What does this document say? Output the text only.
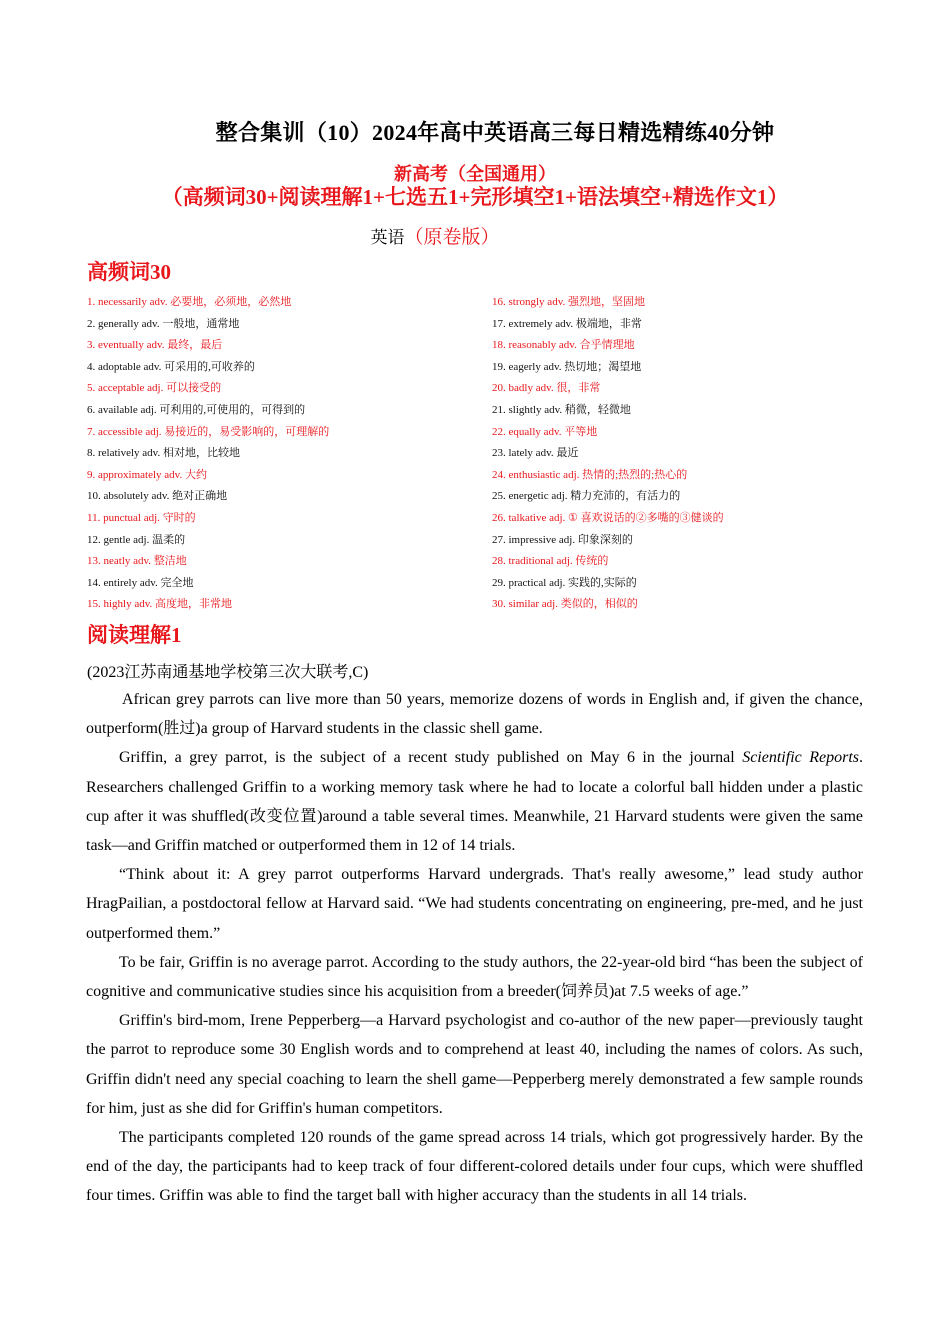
整合集训（10）2024年高中英语高三每日精选精练40分钟
新高考（全国通用）
（高频词30+阅读理解1+七选五1+完形填空1+语法填空+精选作文1）
英语（原卷版）
高频词30
1. necessarily adv. 必要地，必须地，必然地
2. generally adv. 一般地，通常地
3. eventually adv. 最终，最后
4. adoptable adv. 可采用的,可收养的
5. acceptable adj. 可以接受的
6. available adj. 可利用的,可使用的，可得到的
7. accessible adj. 易接近的，易受影响的，可理解的
8. relatively adv. 相对地，比较地
9. approximately adv. 大约
10. absolutely adv. 绝对正确地
11. punctual adj. 守时的
12. gentle adj. 温柔的
13. neatly adv. 整洁地
14. entirely adv. 完全地
15. highly adv. 高度地，非常地
16. strongly adv. 强烈地，坚固地
17. extremely adv. 极端地，非常
18. reasonably adv. 合乎情理地
19. eagerly adv. 热切地；渴望地
20. badly adv. 很，非常
21. slightly adv. 稍微，轻微地
22. equally adv. 平等地
23. lately adv. 最近
24. enthusiastic adj. 热情的;热烈的;热心的
25. energetic adj. 精力充沛的，有活力的
26. talkative adj. ① 喜欢说话的②多嘴的③健谈的
27. impressive adj. 印象深刻的
28. traditional adj. 传统的
29. practical adj. 实践的,实际的
30. similar adj. 类似的，相似的
阅读理解1
(2023江苏南通基地学校第三次大联考,C)

African grey parrots can live more than 50 years, memorize dozens of words in English and, if given the chance, outperform(胜过)a group of Harvard students in the classic shell game.

Griffin, a grey parrot, is the subject of a recent study published on May 6 in the journal Scientific Reports. Researchers challenged Griffin to a working memory task where he had to locate a colorful ball hidden under a plastic cup after it was shuffled(改变位置)around a table several times. Meanwhile, 21 Harvard students were given the same task—and Griffin matched or outperformed them in 12 of 14 trials.

“Think about it: A grey parrot outperforms Harvard undergrads. That's really awesome,” lead study author HragPailian, a postdoctoral fellow at Harvard said. “We had students concentrating on engineering, pre-med, and he just outperformed them.”

To be fair, Griffin is no average parrot. According to the study authors, the 22-year-old bird “has been the subject of cognitive and communicative studies since his acquisition from a breeder(饲养员)at 7.5 weeks of age.”

Griffin's bird-mom, Irene Pepperberg—a Harvard psychologist and co-author of the new paper—previously taught the parrot to reproduce some 30 English words and to comprehend at least 40, including the names of colors. As such, Griffin didn't need any special coaching to learn the shell game—Pepperberg merely demonstrated a few sample rounds for him, just as she did for Griffin's human competitors.

The participants completed 120 rounds of the game spread across 14 trials, which got progressively harder. By the end of the day, the participants had to keep track of four different-colored details under four cups, which were shuffled four times. Griffin was able to find the target ball with higher accuracy than the students in all 14 trials.
